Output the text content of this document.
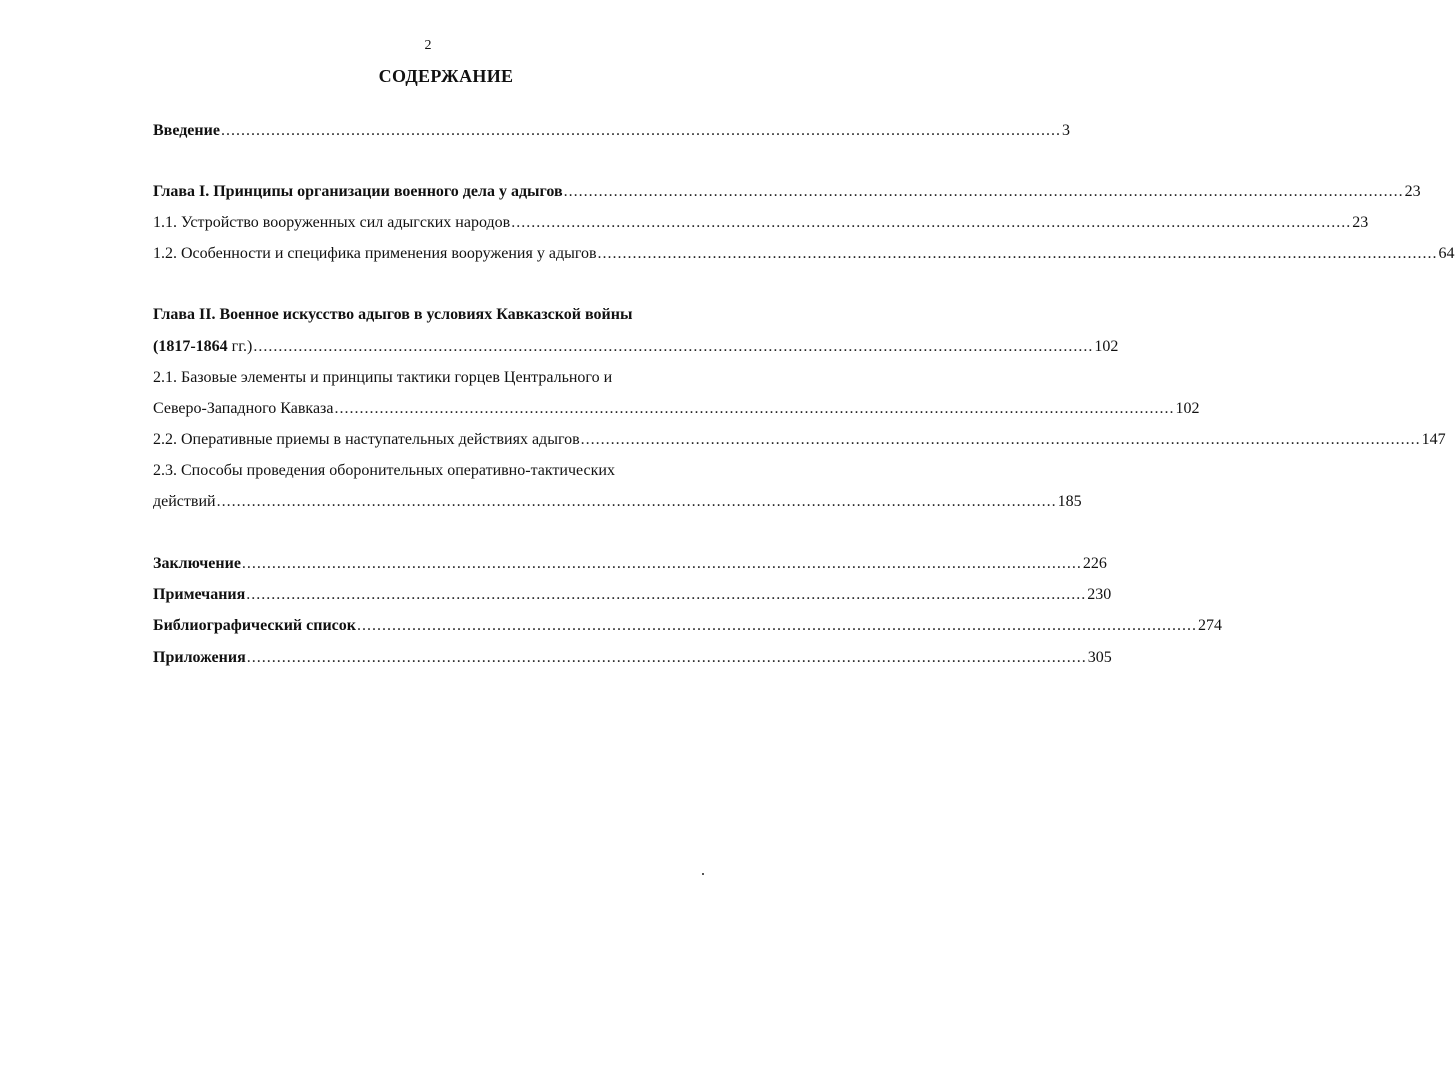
2
СОДЕРЖАНИЕ
Введение ........................................................................................................................................................................ 3
Глава I. Принципы организации военного дела у адыгов ........................................................................................................................................................................ 23
1.1. Устройство вооруженных сил адыгских народов ........................................................................................................................................................................ 23
1.2. Особенности и специфика применения вооружения у адыгов ........................................................................................................................................................................ 64
Глава II. Военное искусство адыгов в условиях Кавказской войны
(1817-1864 гг.) ........................................................................................................................................................................ 102
2.1. Базовые элементы и принципы тактики горцев Центрального и
Северо-Западного Кавказа ........................................................................................................................................................................ 102
2.2. Оперативные приемы в наступательных действиях адыгов ........................................................................................................................................................................ 147
2.3. Способы проведения оборонительных оперативно-тактических
действий ........................................................................................................................................................................ 185
Заключение ........................................................................................................................................................................ 226
Примечания ........................................................................................................................................................................ 230
Библиографический список ........................................................................................................................................................................ 274
Приложения ........................................................................................................................................................................ 305
